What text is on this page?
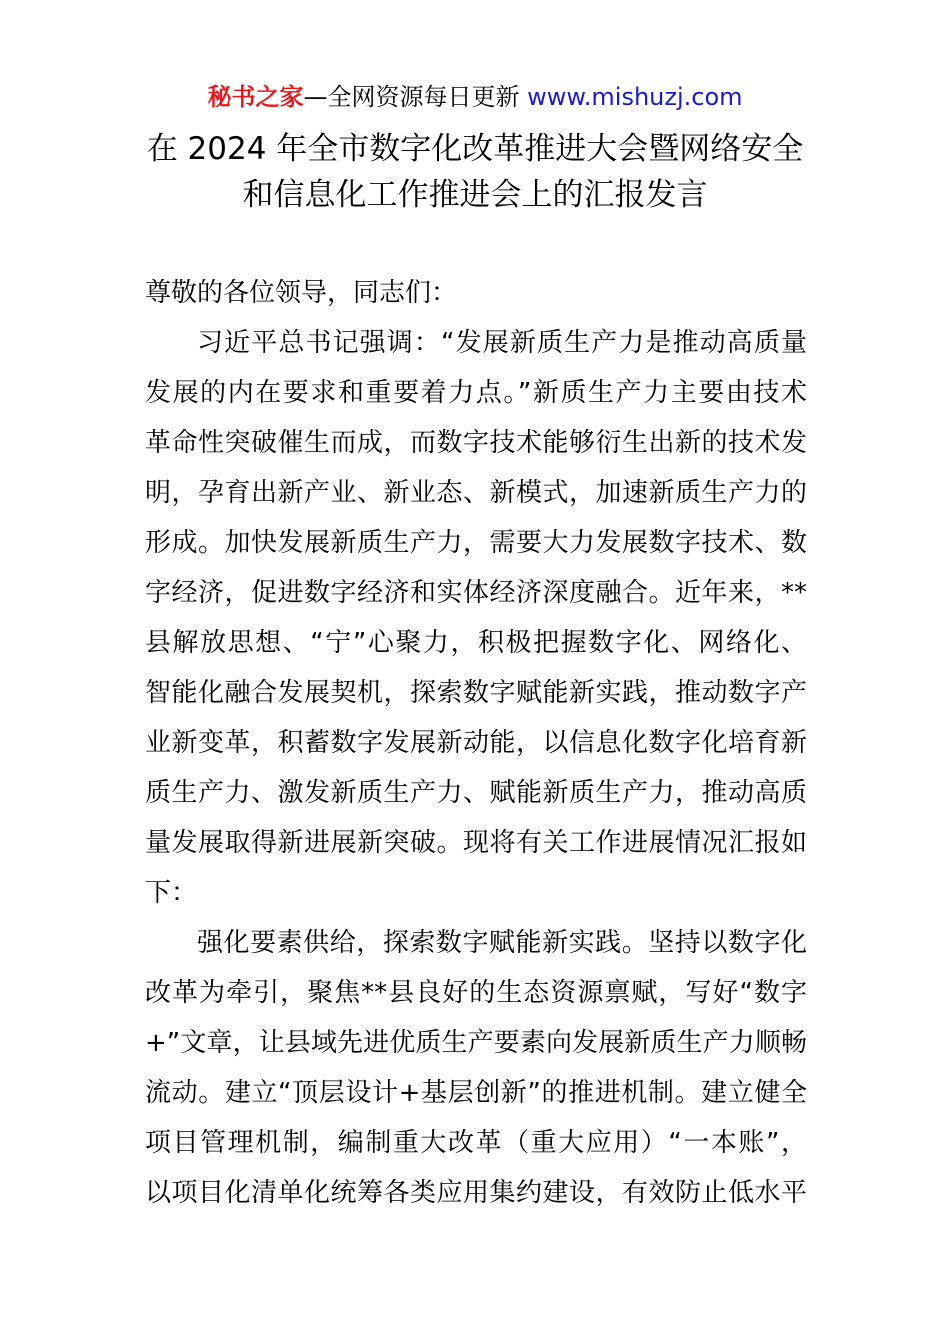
秘书之家—全网资源每日更新 www.mishuzj.com
在 2024 年全市数字化改革推进大会暨网络安全
和信息化工作推进会上的汇报发言
尊敬的各位领导，同志们：
习近平总书记强调：“发展新质生产力是推动高质量
发展的内在要求和重要着力点。”新质生产力主要由技术
革命性突破催生而成，而数字技术能够衍生出新的技术发
明，孕育出新产业、新业态、新模式，加速新质生产力的
形成。加快发展新质生产力，需要大力发展数字技术、数
字经济，促进数字经济和实体经济深度融合。近年来，**
县解放思想、“宁”心聚力，积极把握数字化、网络化、
智能化融合发展契机，探索数字赋能新实践，推动数字产
业新变革，积蓄数字发展新动能，以信息化数字化培育新
质生产力、激发新质生产力、赋能新质生产力，推动高质
量发展取得新进展新突破。现将有关工作进展情况汇报如
下：
强化要素供给，探索数字赋能新实践。坚持以数字化
改革为牵引，聚焦**县良好的生态资源禀赋，写好“数字
+”文章，让县域先进优质生产要素向发展新质生产力顺畅
流动。建立“顶层设计+基层创新”的推进机制。建立健全
项目管理机制，编制重大改革（重大应用）“一本账”，
以项目化清单化统筹各类应用集约建设，有效防止低水平
